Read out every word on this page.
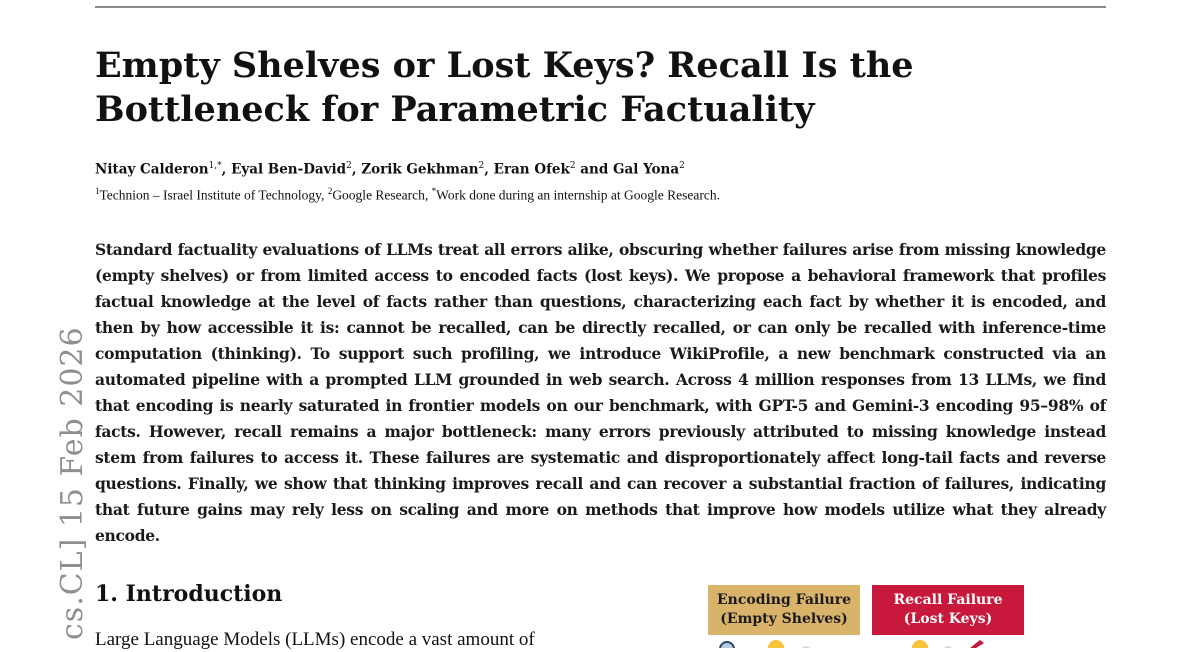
cs.CL] 15 Feb 2026
Empty Shelves or Lost Keys? Recall Is the
Bottleneck for Parametric Factuality
Nitay Calderon$^{1,*}$, Eyal Ben-David$^2$, Zorik Gekhman$^2$, Eran Ofek$^2$ and Gal Yona$^2$
$^1$Technion – Israel Institute of Technology, $^2$Google Research, *Work done during an internship at Google Research.

Standard factuality evaluations of LLMs treat all errors alike, obscuring whether failures arise from missing knowledge (empty shelves) or from limited access to encoded facts (lost keys). We propose a behavioral framework that profiles factual knowledge at the level of facts rather than questions, characterizing each fact by whether it is encoded, and then by how accessible it is: cannot be recalled, can be directly recalled, or can only be recalled with inference-time computation (thinking). To support such profiling, we introduce WikiProfile, a new benchmark constructed via an automated pipeline with a prompted LLM grounded in web search. Across 4 million responses from 13 LLMs, we find that encoding is nearly saturated in frontier models on our benchmark, with GPT-5 and Gemini-3 encoding 95–98% of facts. However, recall remains a major bottleneck: many errors previously attributed to missing knowledge instead stem from failures to access it. These failures are systematic and disproportionately affect long-tail facts and reverse questions. Finally, we show that thinking improves recall and can recover a substantial fraction of failures, indicating that future gains may rely less on scaling and more on methods that improve how models utilize what they already encode.

1. Introduction
Large Language Models (LLMs) encode a vast amount of
Encoding Failure
(Empty Shelves)
Recall Failure
(Lost Keys)
